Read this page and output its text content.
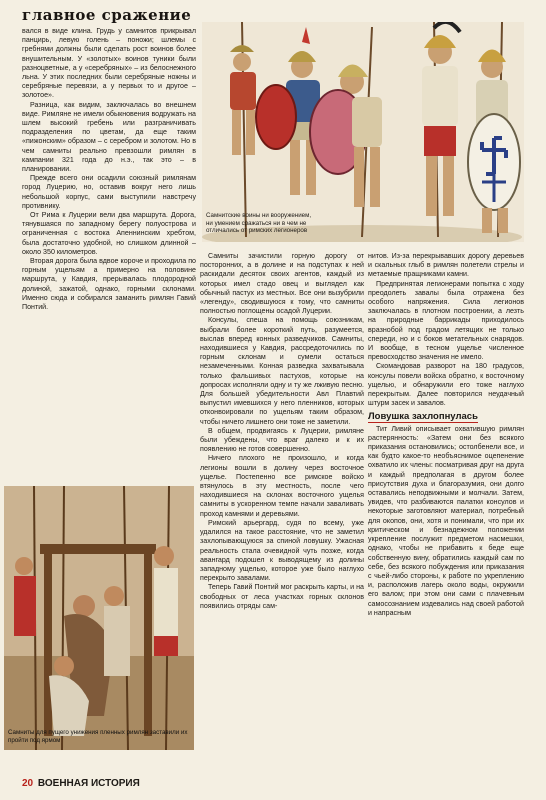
главное сражение

вался в виде клина. Грудь у самнитов прикрывал панцирь, левую голень – поножи; шлемы с гребнями должны были сделать рост воинов более внушительным. У «золотых» воинов туники были разноцветные, а у «серебряных» – из белоснежного льна. У этих последних были серебряные ножны и серебряные перевязи, а у первых то и другое – золотое».

Разница, как видим, заключалась во внешнем виде. Римляне не имели обыкновения водружать на шлем высокий гребень или разграничивать подразделения по цветам, да еще таким «пижонским» образом – с серебром и золотом. Но в чем самниты реально превзошли римлян в кампании 321 года до н.э., так это – в планировании.

Прежде всего они осадили союзный римлянам город Луцерию, но, оставив вокруг него лишь небольшой корпус, сами выступили навстречу противнику.

От Рима к Луцерии вели два маршрута. Дорога, тянувшаяся по западному берегу полуострова и ограниченная с востока Апеннинским хребтом, была достаточно удобной, но слишком длинной – около 350 километров.

Вторая дорога была вдвое короче и проходила по горным ущельям а примерно на половине маршрута, у Кавдия, прерывалась плодородной долиной, зажатой, однако, горными склонами. Именно сюда и собирался заманить римлян Гавий Понтий.

Самнитские воины ни вооружением, ни умением сражаться ни в чем не отличались от римских легионеров
Самниты для пущего унижения пленных римлян заставили их пройти под ярмом

Самниты зачистили горную дорогу от посторонних, а в долине и на подступах к ней раскидали десяток своих агентов, каждый из которых имел стадо овец и выглядел как обычный пастух из местных. Все они вызубрили «легенду», сводившуюся к тому, что самниты полностью поглощены осадой Луцерии.

Консулы, спеша на помощь союзникам, выбрали более короткий путь, разумеется, выслав вперед конных разведчиков. Самниты, находившиеся у Кавдия, рассредоточились по горным склонам и сумели остаться незамеченными. Конная разведка захватывала только фальшивых пастухов, которые на допросах исполняли одну и ту же лживую песню. Для большей убедительности Авл Плавтий выпустил имевшихся у него пленников, которых отконвоировали по ущельям таким образом, чтобы ничего лишнего они тоже не заметили.

В общем, продвигаясь к Луцерии, римляне были убеждены, что враг далеко и к их появлению не готов совершенно.

Ничего плохого не произошло, и когда легионы вошли в долину через восточное ущелье. Постепенно все римское войско втянулось в эту местность, после чего находившиеся на склонах восточного ущелья самниты в ускоренном темпе начали заваливать проход камнями и деревьями.

Римский арьергард, судя по всему, уже удалился на такое расстояние, что не заметил захлопывающуюся за спиной ловушку. Ужасная реальность стала очевидной чуть позже, когда авангард подошел к выводящему из долины западному ущелью, которое уже было наглухо перекрыто завалами.

Теперь Гавий Понтий мог раскрыть карты, и на свободных от леса участках горных склонов появились отряды сам-

нитов. Из-за перекрывавших дорогу деревьев и скальных глыб в римлян полетели стрелы и метаемые пращниками камни.

Предпринятая легионерами попытка с ходу преодолеть завалы была отражена без особого напряжения. Сила легионов заключалась в плотном построении, а лезть на природные баррикады приходилось вразнобой под градом летящих не только спереди, но и с боков метательных снарядов. И вообще, в тесном ущелье численное превосходство значения не имело.

Скомандовав разворот на 180 градусов, консулы повели войска обратно, к восточному ущелью, и обнаружили его тоже наглухо перекрытым. Далее повторился неудачный штурм засек и завалов.

Ловушка захлопнулась

Тит Ливий описывает охватившую римлян растерянность: «Затем они без всякого приказания остановились; остолбенели все, и как будто какое-то необъяснимое оцепенение охватило их члены: посматривая друг на друга и каждый предполагая в другом более присутствия духа и благоразумия, они долго оставались неподвижными и молчали. Затем, увидев, что разбиваются палатки консулов и некоторые заготовляют материал, потребный для окопов, они, хотя и понимали, что при их критическом и безнадежном положении укрепление послужит предметом насмешки, однако, чтобы не прибавить к беде еще собственную вину, обратились каждый сам по себе, без всякого побуждения или приказания с чьей-либо стороны, к работе по укреплению и, расположив лагерь около воды, окружили его валом; при этом они сами с плачевным самосознанием издевались над своей работой и напрасным

20 ВОЕННАЯ ИСТОРИЯ
